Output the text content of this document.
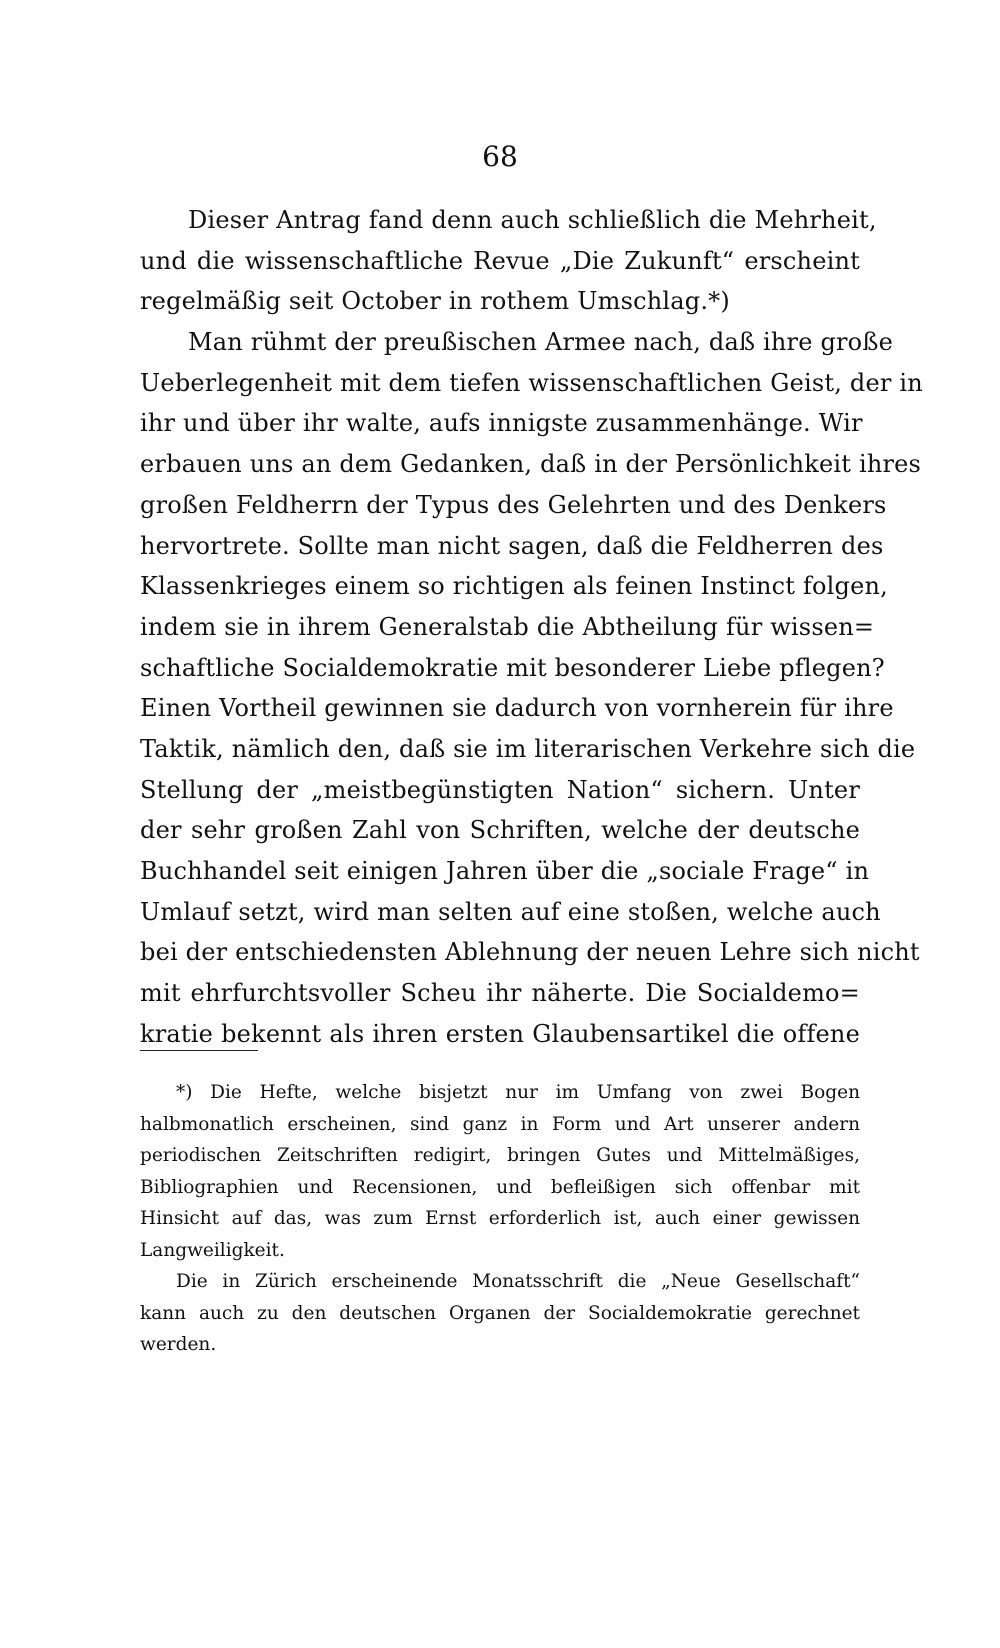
68
Dieser Antrag fand denn auch schließlich die Mehrheit,
und die wissenschaftliche Revue „Die Zukunft“ erscheint
regelmäßig seit October in rothem Umschlag.*)
Man rühmt der preußischen Armee nach, daß ihre große
Ueberlegenheit mit dem tiefen wissenschaftlichen Geist, der in
ihr und über ihr walte, aufs innigste zusammenhänge. Wir
erbauen uns an dem Gedanken, daß in der Persönlichkeit ihres
großen Feldherrn der Typus des Gelehrten und des Denkers
hervortrete. Sollte man nicht sagen, daß die Feldherren des
Klassenkrieges einem so richtigen als feinen Instinct folgen,
indem sie in ihrem Generalstab die Abtheilung für wissen=
schaftliche Socialdemokratie mit besonderer Liebe pflegen?
Einen Vortheil gewinnen sie dadurch von vornherein für ihre
Taktik, nämlich den, daß sie im literarischen Verkehre sich die
Stellung der „meistbegünstigten Nation“ sichern. Unter
der sehr großen Zahl von Schriften, welche der deutsche
Buchhandel seit einigen Jahren über die „sociale Frage“ in
Umlauf setzt, wird man selten auf eine stoßen, welche auch
bei der entschiedensten Ablehnung der neuen Lehre sich nicht
mit ehrfurchtsvoller Scheu ihr näherte. Die Socialdemo=
kratie bekennt als ihren ersten Glaubensartikel die offene
*) Die Hefte, welche bisjetzt nur im Umfang von zwei Bogen
halbmonatlich erscheinen, sind ganz in Form und Art unserer andern
periodischen Zeitschriften redigirt, bringen Gutes und Mittelmäßiges,
Bibliographien und Recensionen, und befleißigen sich offenbar mit
Hinsicht auf das, was zum Ernst erforderlich ist, auch einer gewissen
Langweiligkeit.
Die in Zürich erscheinende Monatsschrift die „Neue Gesellschaft“
kann auch zu den deutschen Organen der Socialdemokratie gerechnet
werden.
